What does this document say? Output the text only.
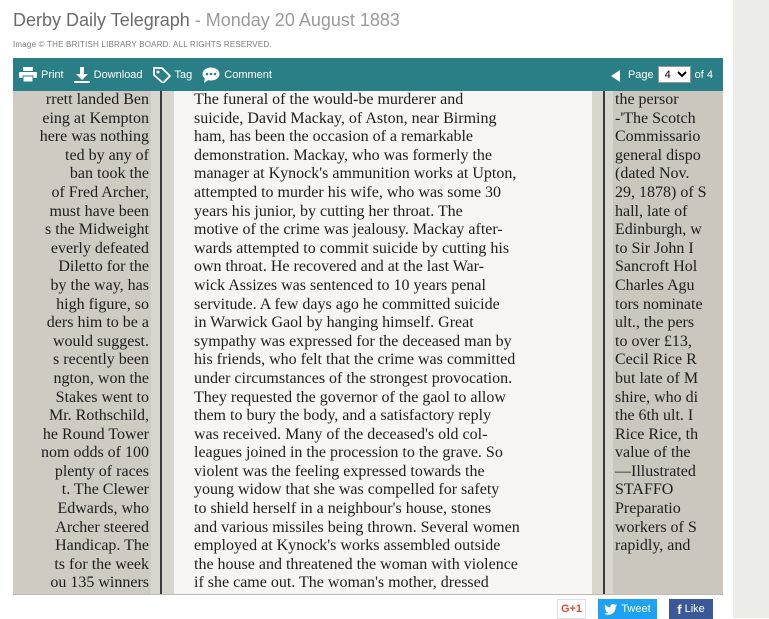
Derby Daily Telegraph - Monday 20 August 1883
Image © THE BRITISH LIBRARY BOARD. ALL RIGHTS RESERVED.
Print	Download	Tag	Comment	Page
4	of 4
rrett landed Ben
eing at Kempton
here was nothing
ted by any of
ban took the
of Fred Archer,
must have been
s the Midweight
everly defeated
Diletto for the
by the way, has
high figure, so
ders him to be a
would suggest.
s recently been
ngton, won the
Stakes went to
Mr. Rothschild,
he Round Tower
nom odds of 100
plenty of races
t. The Clewer
Edwards, who
Archer steered
Handicap. The
ts for the week
ou 135 winners
The funeral of the would-be murderer and
suicide, David Mackay, of Aston, near Birming
ham, has been the occasion of a remarkable
demonstration. Mackay, who was formerly the
manager at Kynock's ammunition works at Upton,
attempted to murder his wife, who was some 30
years his junior, by cutting her throat. The
motive of the crime was jealousy. Mackay after-
wards attempted to commit suicide by cutting his
own throat. He recovered and at the last War-
wick Assizes was sentenced to 10 years penal
servitude. A few days ago he committed suicide
in Warwick Gaol by hanging himself. Great
sympathy was expressed for the deceased man by
his friends, who felt that the crime was committed
under circumstances of the strongest provocation.
They requested the governor of the gaol to allow
them to bury the body, and a satisfactory reply
was received. Many of the deceased's old col-
leagues joined in the procession to the grave. So
violent was the feeling expressed towards the
young widow that she was compelled for safety
to shield herself in a neighbour's house, stones
and various missiles being thrown. Several women
employed at Kynock's works assembled outside
the house and threatened the woman with violence
if she came out. The woman's mother, dressed
the persor
-'The Scotch
Commissario
general dispo
(dated Nov.
29, 1878) of S
hall, late of
Edinburgh, w
to Sir John I
Sancroft Hol
Charles Agu
tors nominate
ult., the pers
to over £13,
Cecil Rice R
but late of M
shire, who di
the 6th ult. I
Rice Rice, th
value of the
—Illustrated
STAFFO
Preparatio
workers of S
rapidly, and
G+1	Tweet f Like
